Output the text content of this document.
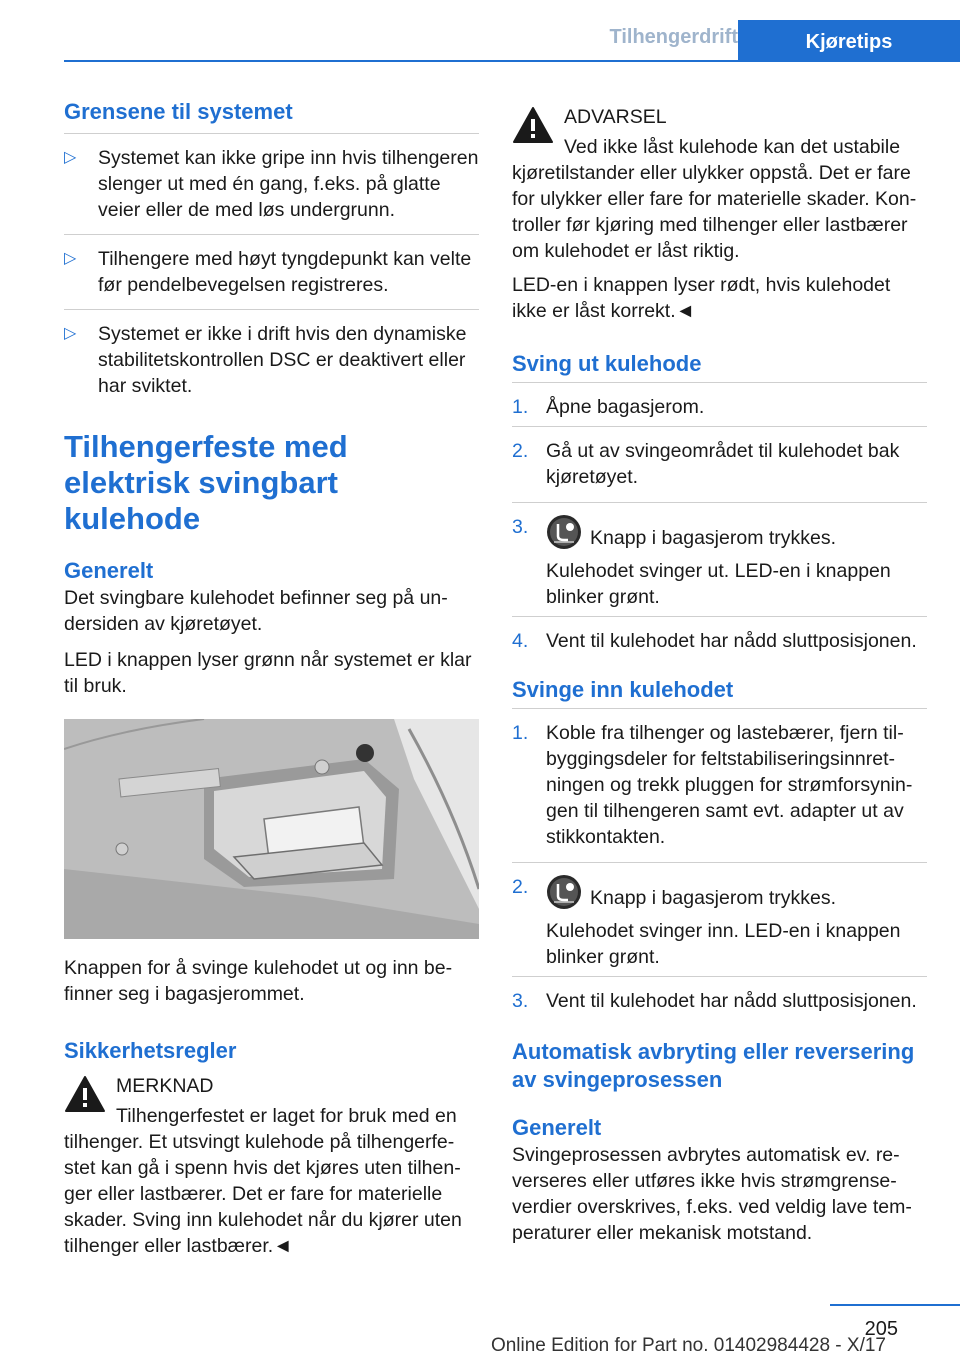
Tilhengerdrift	Kjøretips
Grensene til systemet
▷	Systemet kan ikke gripe inn hvis tilhengeren slenger ut med én gang, f.eks. på glatte veier eller de med løs undergrunn.

▷	Tilhengere med høyt tyngdepunkt kan velte før pendelbevegelsen registreres.

▷	Systemet er ikke i drift hvis den dynamiske stabilitetskontrollen DSC er deaktivert eller har sviktet.

Tilhengerfeste med elektrisk svingbart kulehode
Generelt

Det svingbare kulehodet befinner seg på undersiden av kjøretøyet.

LED i knappen lyser grønn når systemet er klar til bruk.

Knappen for å svinge kulehodet ut og inn befinner seg i bagasjerommet.

Sikkerhetsregler

MERKNAD

Tilhengerfestet er laget for bruk med en

tilhenger. Et utsvingt kulehode på tilhengerfestet kan gå i spenn hvis det kjøres uten tilhenger eller lastbærer. Det er fare for materielle skader. Sving inn kulehodet når du kjører uten tilhenger eller lastbærer.◄

ADVARSEL

Ved ikke låst kulehode kan det ustabile

kjøretilstander eller ulykker oppstå. Det er fare for ulykker eller fare for materielle skader. Kontroller før kjøring med tilhenger eller lastbærer om kulehodet er låst riktig.

LED-en i knappen lyser rødt, hvis kulehodet ikke er låst korrekt.◄

Sving ut kulehode
1. Åpne bagasjerom.

2. Gå ut av svingeområdet til kulehodet bak kjøretøyet.

3.	Knapp i bagasjerom trykkes.

Kulehodet svinger ut. LED-en i knappen blinker grønt.

4. Vent til kulehodet har nådd sluttposisjonen.

Svinge inn kulehodet
1. Koble fra tilhenger og lastebærer, fjern tilbyggingsdeler for feltstabiliseringsinnretningen og trekk pluggen for strømforsyningen til tilhengeren samt evt. adapter ut av stikkontakten.

2.	Knapp i bagasjerom trykkes.

Kulehodet svinger inn. LED-en i knappen blinker grønt.

3. Vent til kulehodet har nådd sluttposisjonen.

Automatisk avbryting eller reversering av svingeprosessen
Generelt

Svingeprosessen avbrytes automatisk ev. reverseres eller utføres ikke hvis strømgrenseverdier overskrives, f.eks. ved veldig lave temperaturer eller mekanisk motstand.

205
Online Edition for Part no. 01402984428 - X/17
